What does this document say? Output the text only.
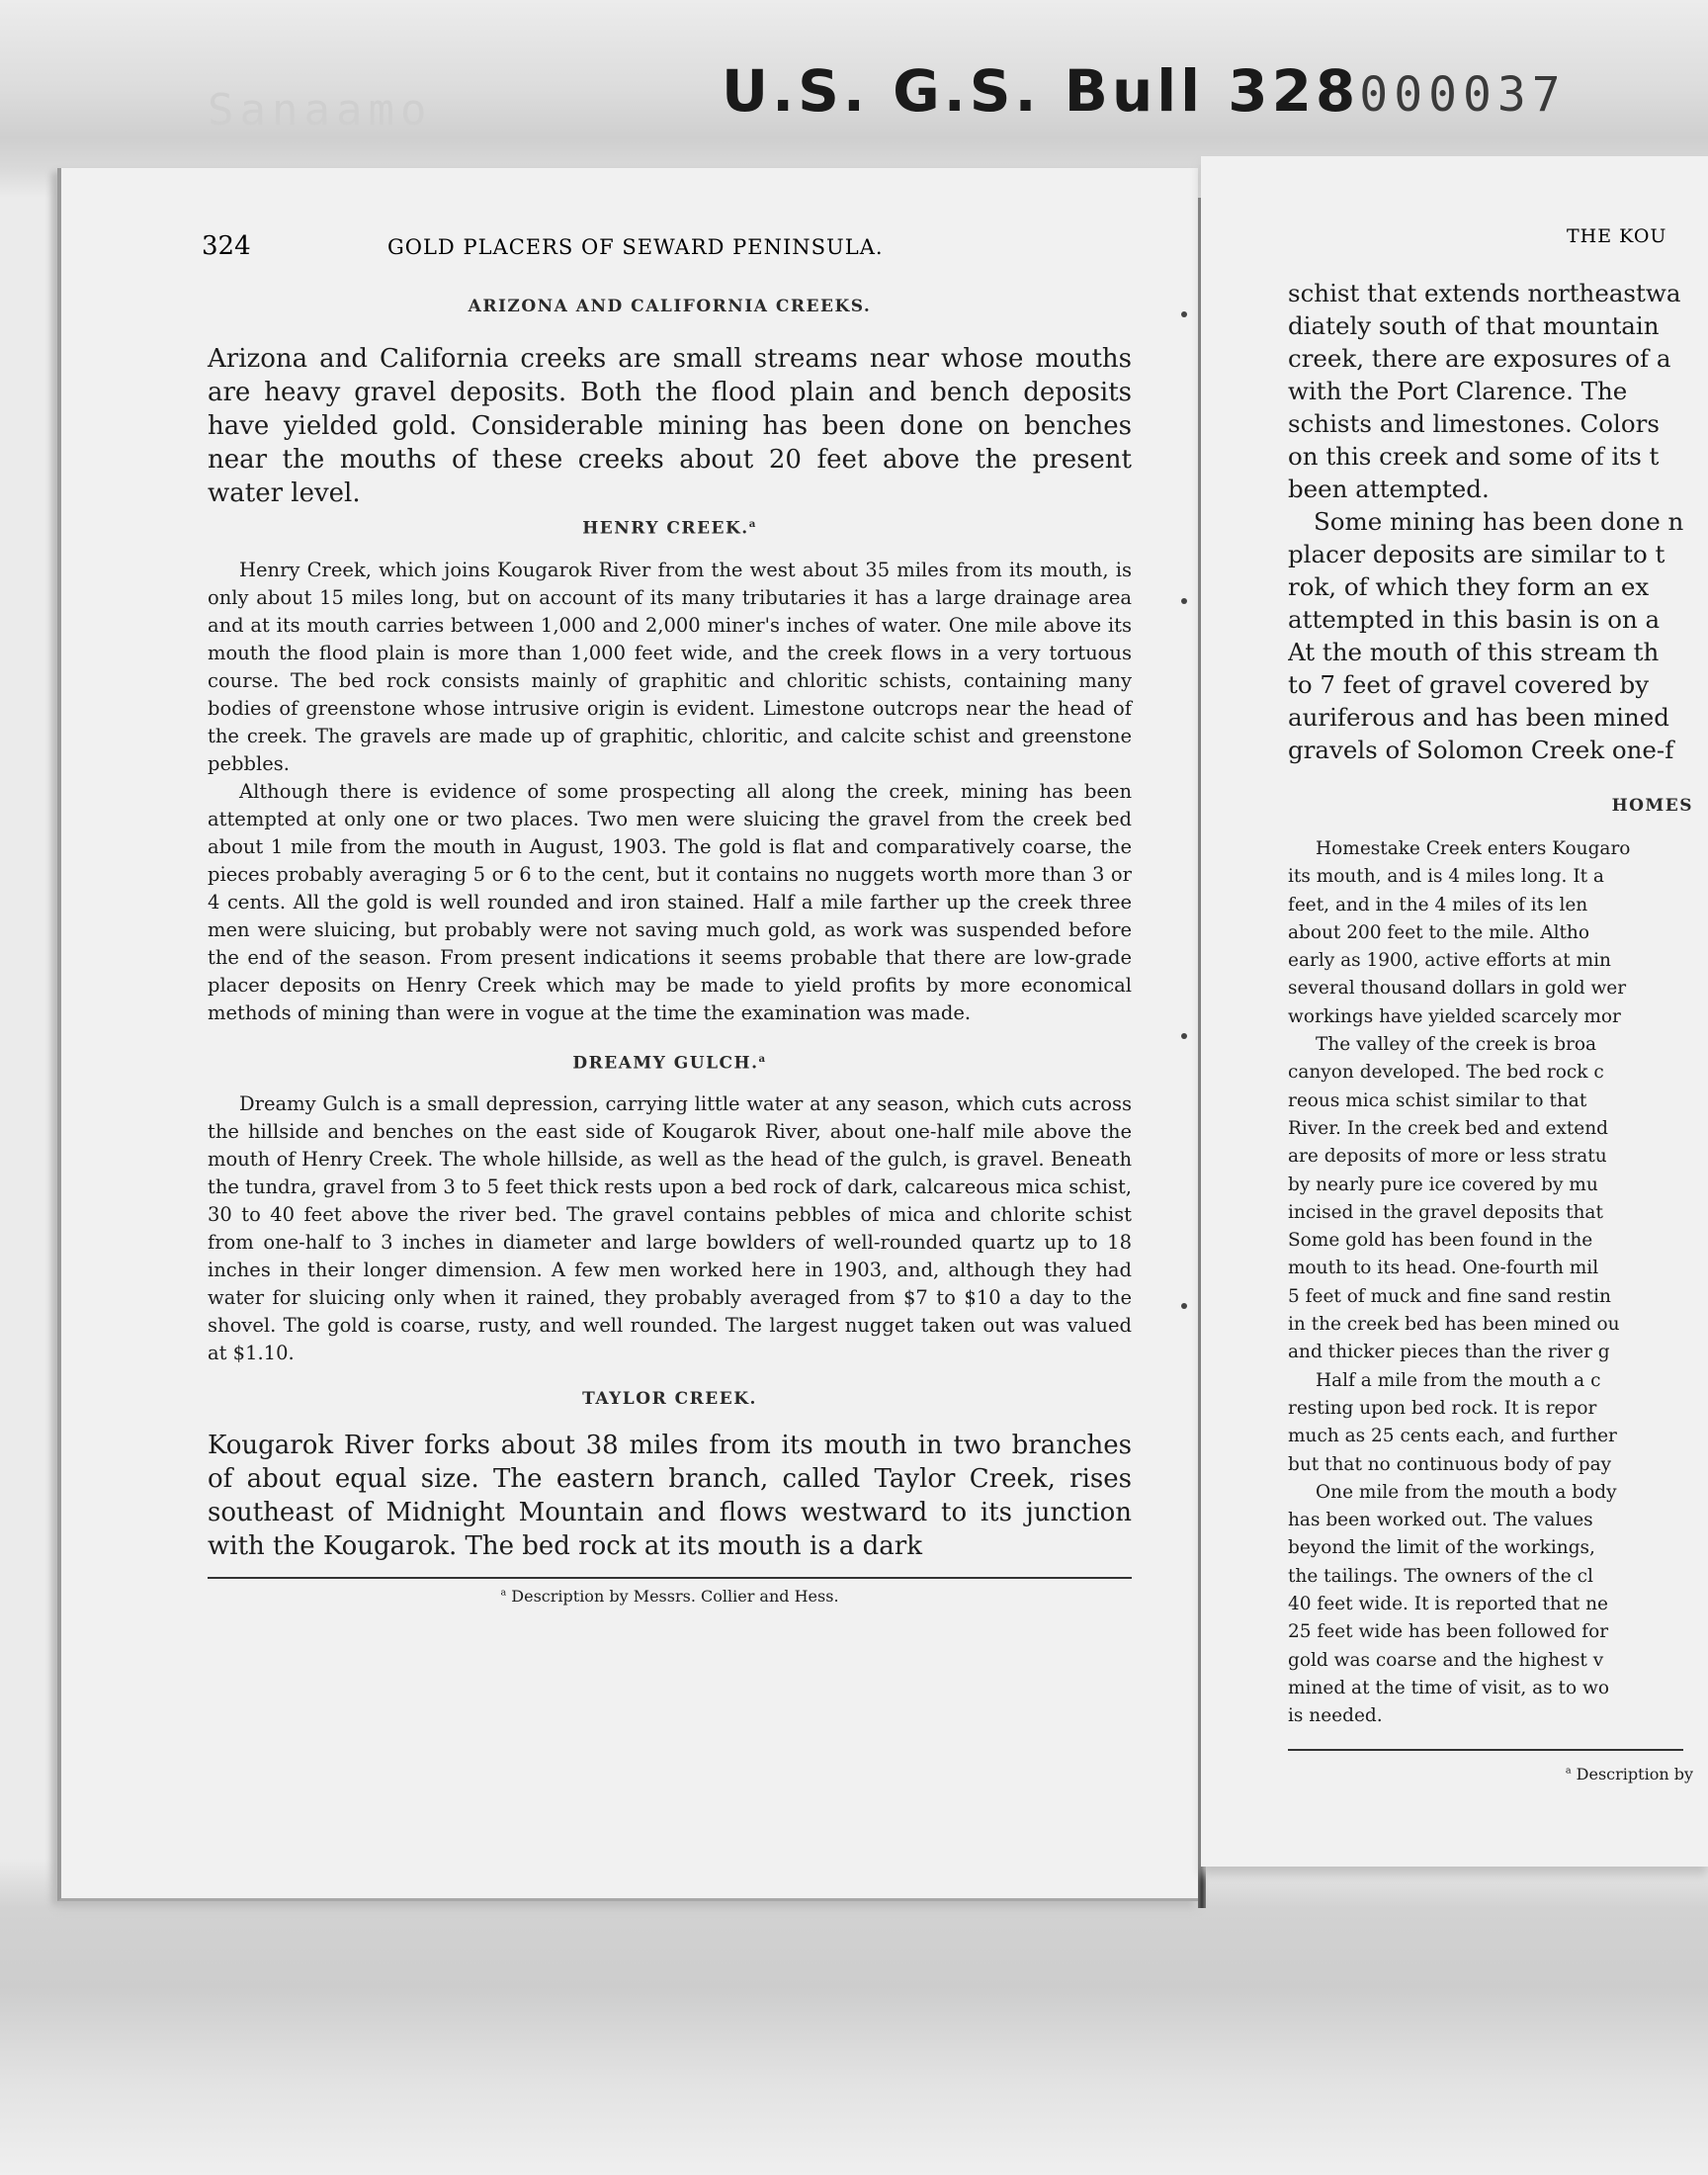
Sanaamo	U.S. G.S. Bull 328000037
324	GOLD PLACERS OF SEWARD PENINSULA.
ARIZONA AND CALIFORNIA CREEKS.

Arizona and California creeks are small streams near whose mouths are heavy gravel deposits. Both the flood plain and bench deposits have yielded gold. Considerable mining has been done on benches near the mouths of these creeks about 20 feet above the present water level.

HENRY CREEK.$^a$

Henry Creek, which joins Kougarok River from the west about 35 miles from its mouth, is only about 15 miles long, but on account of its many tributaries it has a large drainage area and at its mouth carries between 1,000 and 2,000 miner's inches of water. One mile above its mouth the flood plain is more than 1,000 feet wide, and the creek flows in a very tortuous course. The bed rock consists mainly of graphitic and chloritic schists, containing many bodies of greenstone whose intrusive origin is evident. Limestone outcrops near the head of the creek. The gravels are made up of graphitic, chloritic, and calcite schist and greenstone pebbles.

Although there is evidence of some prospecting all along the creek, mining has been attempted at only one or two places. Two men were sluicing the gravel from the creek bed about 1 mile from the mouth in August, 1903. The gold is flat and comparatively coarse, the pieces probably averaging 5 or 6 to the cent, but it contains no nuggets worth more than 3 or 4 cents. All the gold is well rounded and iron stained. Half a mile farther up the creek three men were sluicing, but probably were not saving much gold, as work was suspended before the end of the season. From present indications it seems probable that there are low-grade placer deposits on Henry Creek which may be made to yield profits by more economical methods of mining than were in vogue at the time the examination was made.

DREAMY GULCH.$^a$

Dreamy Gulch is a small depression, carrying little water at any season, which cuts across the hillside and benches on the east side of Kougarok River, about one-half mile above the mouth of Henry Creek. The whole hillside, as well as the head of the gulch, is gravel. Beneath the tundra, gravel from 3 to 5 feet thick rests upon a bed rock of dark, calcareous mica schist, 30 to 40 feet above the river bed. The gravel contains pebbles of mica and chlorite schist from one-half to 3 inches in diameter and large bowlders of well-rounded quartz up to 18 inches in their longer dimension. A few men worked here in 1903, and, although they had water for sluicing only when it rained, they probably averaged from $7 to $10 a day to the shovel. The gold is coarse, rusty, and well rounded. The largest nugget taken out was valued at $1.10.

TAYLOR CREEK.

Kougarok River forks about 38 miles from its mouth in two branches of about equal size. The eastern branch, called Taylor Creek, rises southeast of Midnight Mountain and flows westward to its junction with the Kougarok. The bed rock at its mouth is a dark

$^a$ Description by Messrs. Collier and Hess.
THE KOU

schist that extends northeastwa

diately south of that mountain

creek, there are exposures of a

with the Port Clarence. The

schists and limestones. Colors

on this creek and some of its t

been attempted.

Some mining has been done n

placer deposits are similar to t

rok, of which they form an ex

attempted in this basin is on a

At the mouth of this stream th

to 7 feet of gravel covered by

auriferous and has been mined

gravels of Solomon Creek one-f

HOMES

Homestake Creek enters Kougaro

its mouth, and is 4 miles long. It a

feet, and in the 4 miles of its len

about 200 feet to the mile. Altho

early as 1900, active efforts at min

several thousand dollars in gold wer

workings have yielded scarcely mor

The valley of the creek is broa

canyon developed. The bed rock c

reous mica schist similar to that

River. In the creek bed and extend

are deposits of more or less stratu

by nearly pure ice covered by mu

incised in the gravel deposits that

Some gold has been found in the

mouth to its head. One-fourth mil

5 feet of muck and fine sand restin

in the creek bed has been mined ou

and thicker pieces than the river g

Half a mile from the mouth a c

resting upon bed rock. It is repor

much as 25 cents each, and further

but that no continuous body of pay

One mile from the mouth a body

has been worked out. The values

beyond the limit of the workings,

the tailings. The owners of the cl

40 feet wide. It is reported that ne

25 feet wide has been followed for

gold was coarse and the highest v

mined at the time of visit, as to wo

is needed.

$^a$ Description by
